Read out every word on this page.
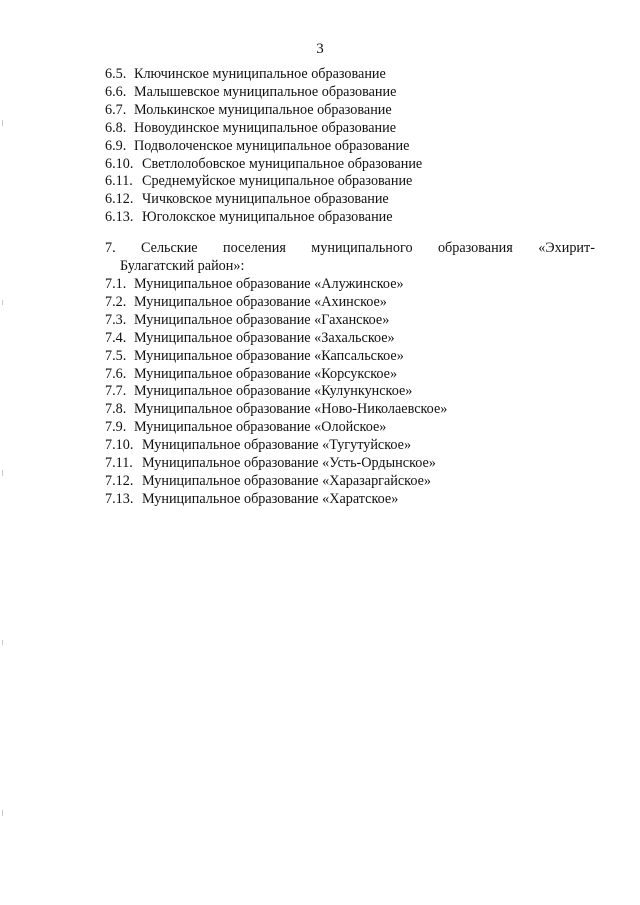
3
6.5. Ключинское муниципальное образование
6.6. Малышевское муниципальное образование
6.7. Молькинское муниципальное образование
6.8. Новоудинское муниципальное образование
6.9. Подволоченское муниципальное образование
6.10. Светлолобовское муниципальное образование
6.11. Среднемуйское муниципальное образование
6.12. Чичковское муниципальное образование
6.13. Юголокское муниципальное образование
7. Сельские поселения муниципального образования «Эхирит-
Булагатский район»:
7.1. Муниципальное образование «Алужинское»
7.2. Муниципальное образование «Ахинское»
7.3. Муниципальное образование «Гаханское»
7.4. Муниципальное образование «Захальское»
7.5. Муниципальное образование «Капсальское»
7.6. Муниципальное образование «Корсукское»
7.7. Муниципальное образование «Кулункунское»
7.8. Муниципальное образование «Ново-Николаевское»
7.9. Муниципальное образование «Олойское»
7.10. Муниципальное образование «Тугутуйское»
7.11. Муниципальное образование «Усть-Ордынское»
7.12. Муниципальное образование «Харазаргайское»
7.13. Муниципальное образование «Харатское»
